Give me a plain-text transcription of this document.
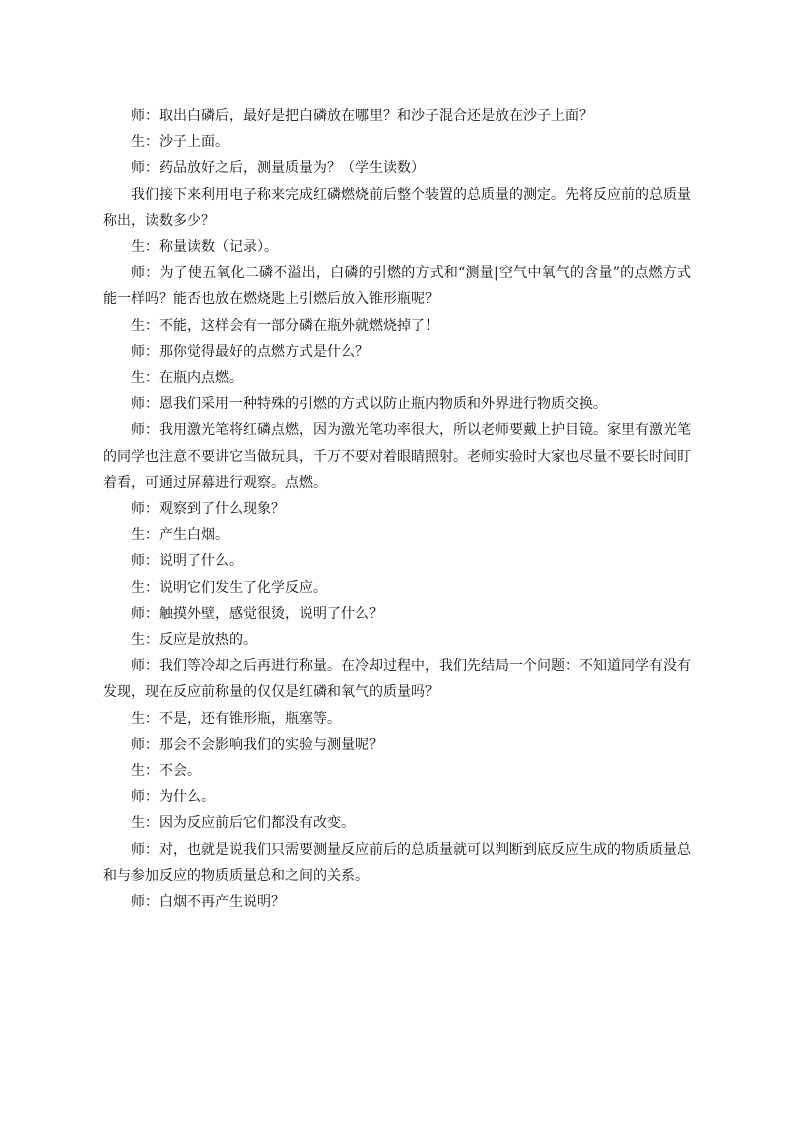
师：取出白磷后，最好是把白磷放在哪里？和沙子混合还是放在沙子上面？

生：沙子上面。

师：药品放好之后，测量质量为？（学生读数）

我们接下来利用电子称来完成红磷燃烧前后整个装置的总质量的测定。先将反应前的总质量称出，读数多少？

生：称量读数（记录）。

师：为了使五氧化二磷不溢出，白磷的引燃的方式和“测量|空气中氧气的含量”的点燃方式能一样吗？能否也放在燃烧匙上引燃后放入锥形瓶呢？

生：不能，这样会有一部分磷在瓶外就燃烧掉了！

师：那你觉得最好的点燃方式是什么？

生：在瓶内点燃。

师：恩我们采用一种特殊的引燃的方式以防止瓶内物质和外界进行物质交换。

师：我用激光笔将红磷点燃，因为激光笔功率很大，所以老师要戴上护目镜。家里有激光笔的同学也注意不要讲它当做玩具，千万不要对着眼睛照射。老师实验时大家也尽量不要长时间盯着看，可通过屏幕进行观察。点燃。

师：观察到了什么现象？

生：产生白烟。

师：说明了什么。

生：说明它们发生了化学反应。

师：触摸外壁，感觉很烫，说明了什么？

生：反应是放热的。

师：我们等冷却之后再进行称量。在冷却过程中，我们先结局一个问题：不知道同学有没有发现，现在反应前称量的仅仅是红磷和氧气的质量吗？

生：不是，还有锥形瓶，瓶塞等。

师：那会不会影响我们的实验与测量呢？

生：不会。

师：为什么。

生：因为反应前后它们都没有改变。

师：对，也就是说我们只需要测量反应前后的总质量就可以判断到底反应生成的物质质量总和与参加反应的物质质量总和之间的关系。

师：白烟不再产生说明？
